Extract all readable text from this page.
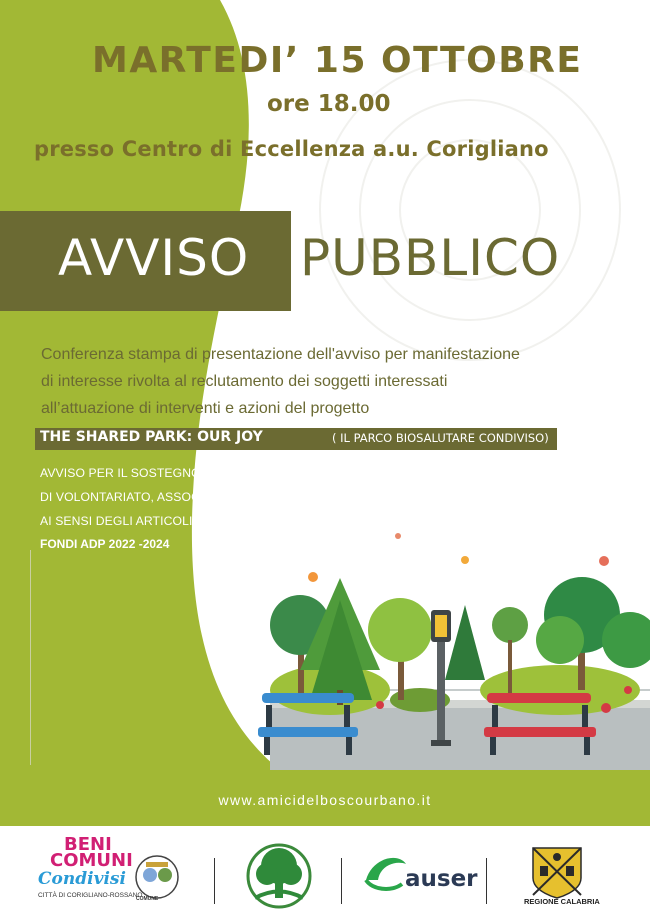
MARTEDI’ 15 OTTOBRE
ore 18.00
presso Centro di Eccellenza a.u. Corigliano
AVVISO PUBBLICO
Conferenza stampa di presentazione dell'avviso per manifestazione
di interesse rivolta al reclutamento dei soggetti interessati
all’attuazione di interventi e azioni del progetto
THE SHARED PARK: OUR JOY	( IL PARCO BIOSALUTARE CONDIVISO)
AVVISO PER IL SOSTEGNO DI PROGETTI DI RILEVANZA LOCALE PROMOSSI DAORGANIZZAZIONI
DI VOLONTARIATO, ASSOCIAZIONI DI PROMOZIONE SOCIALE E FONDAZIONI DEL TERZO SETTORE
AI SENSI DEGLI ARTICOLI 72 E 73 DEL D.LGS. N. 117/2017, CODICE DEL TERZO SETTORE.
FONDI ADP 2022 -2024
www.amicidelboscourbano.it
BENI
COMUNI
Condivisi
CITTÀ DI CORIGLIANO-ROSSANO
COMUNE
auser
REGIONE CALABRIA
